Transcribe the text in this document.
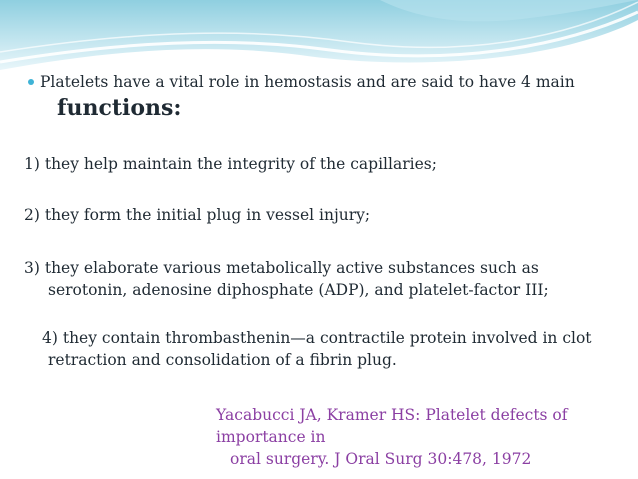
Platelets have a vital role in hemostasis and are said to have 4 main
functions:
1) they help maintain the integrity of the capillaries;
2) they form the initial plug in vessel injury;
3) they elaborate various metabolically active substances such as
serotonin, adenosine diphosphate (ADP), and platelet-factor III;
4) they contain thrombasthenin—a contractile protein involved in clot
retraction and consolidation of a fibrin plug.
Yacabucci JA, Kramer HS: Platelet defects of importance in
oral surgery. J Oral Surg 30:478, 1972
